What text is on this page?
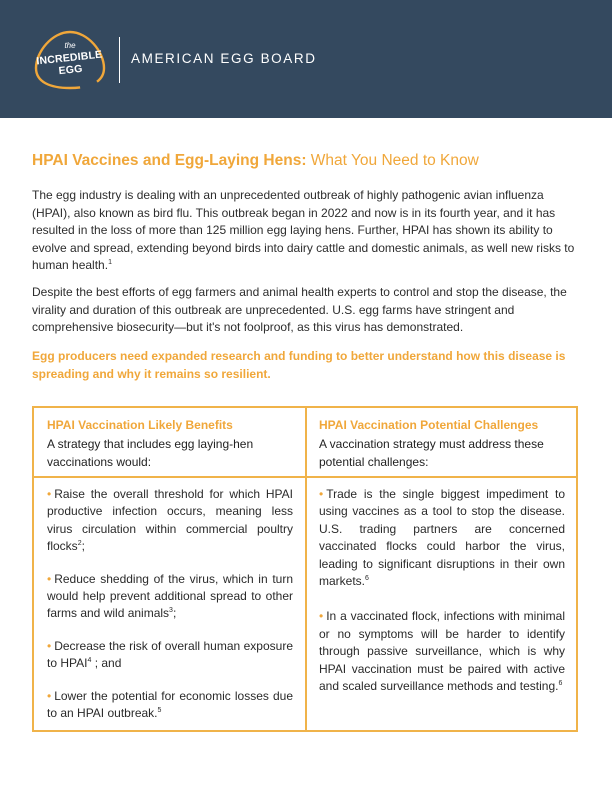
the
INCREDIBLE EGG
AMERICAN EGG BOARD
HPAI Vaccines and Egg-Laying Hens: What You Need to Know
The egg industry is dealing with an unprecedented outbreak of highly pathogenic avian influenza (HPAI), also known as bird flu. This outbreak began in 2022 and now is in its fourth year, and it has resulted in the loss of more than 125 million egg laying hens. Further, HPAI has shown its ability to evolve and spread, extending beyond birds into dairy cattle and domestic animals, as well new risks to human health.$^1$
Despite the best efforts of egg farmers and animal health experts to control and stop the disease, the virality and duration of this outbreak are unprecedented. U.S. egg farms have stringent and comprehensive biosecurity—but it's not foolproof, as this virus has demonstrated.
Egg producers need expanded research and funding to better understand how this disease is spreading and why it remains so resilient.
HPAI Vaccination Likely Benefits
A strategy that includes egg laying-hen vaccinations would:
HPAI Vaccination Potential Challenges
A vaccination strategy must address these potential challenges:
• Raise the overall threshold for which HPAI productive infection occurs, meaning less virus circulation within commercial poultry flocks$^2$;
• Reduce shedding of the virus, which in turn would help prevent additional spread to other farms and wild animals$^3$;
• Decrease the risk of overall human exposure to HPAI$^4$ ; and
• Lower the potential for economic losses due to an HPAI outbreak.$^5$
• Trade is the single biggest impediment to using vaccines as a tool to stop the disease. U.S. trading partners are concerned vaccinated flocks could harbor the virus, leading to significant disruptions in their own markets.$^6$
• In a vaccinated flock, infections with minimal or no symptoms will be harder to identify through passive surveillance, which is why HPAI vaccination must be paired with active and scaled surveillance methods and testing.$^6$
